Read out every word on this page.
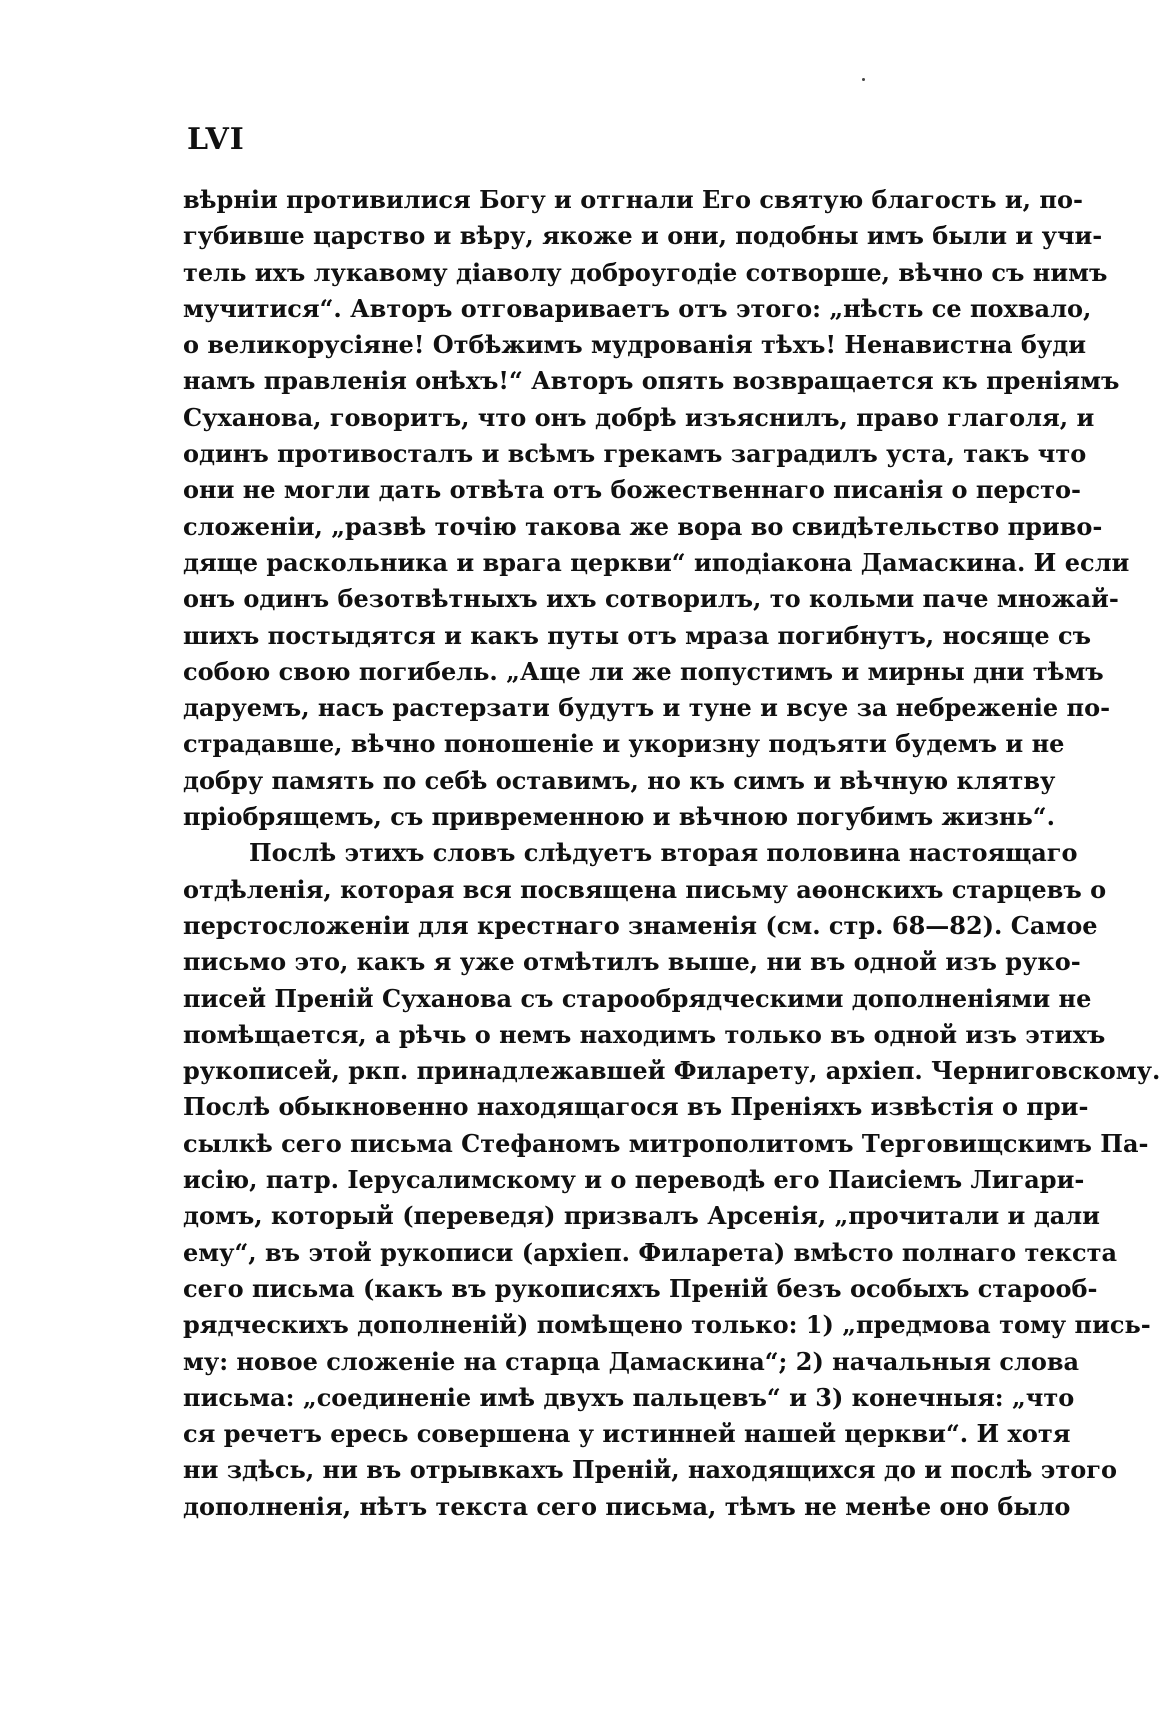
LVI
вѣрніи противилися Богу и отгнали Его святую благость и, по-
губивше царство и вѣру, якоже и они, подобны имъ были и учи-
тель ихъ лукавому діаволу доброугодіе сотворше, вѣчно съ нимъ
мучитися“. Авторъ отговариваетъ отъ этого: „нѣсть се похвало,
о великорусіяне! Отбѣжимъ мудрованія тѣхъ! Ненавистна буди
намъ правленія онѣхъ!“ Авторъ опять возвращается къ преніямъ
Суханова, говоритъ, что онъ добрѣ изъяснилъ, право глаголя, и
одинъ противосталъ и всѣмъ грекамъ заградилъ уста, такъ что
они не могли дать отвѣта отъ божественнаго писанія о персто-
сложеніи, „развѣ точію такова же вора во свидѣтельство приво-
дяще раскольника и врага церкви“ иподіакона Дамаскина. И если
онъ одинъ безотвѣтныхъ ихъ сотворилъ, то кольми паче множай-
шихъ постыдятся и какъ путы отъ мраза погибнутъ, носяще съ
собою свою погибель. „Аще ли же попустимъ и мирны дни тѣмъ
даруемъ, насъ растерзати будутъ и туне и всуе за небреженіе по-
страдавше, вѣчно поношеніе и укоризну подъяти будемъ и не
добру память по себѣ оставимъ, но къ симъ и вѣчную клятву
пріобрящемъ, съ привременною и вѣчною погубимъ жизнь“.
Послѣ этихъ словъ слѣдуетъ вторая половина настоящаго
отдѣленія, которая вся посвящена письму аѳонскихъ старцевъ о
перстосложеніи для крестнаго знаменія (см. стр. 68—82). Самое
письмо это, какъ я уже отмѣтилъ выше, ни въ одной изъ руко-
писей Преній Суханова съ старообрядческими дополненіями не
помѣщается, а рѣчь о немъ находимъ только въ одной изъ этихъ
рукописей, ркп. принадлежавшей Филарету, архіеп. Черниговскому.
Послѣ обыкновенно находящагося въ Преніяхъ извѣстія о при-
сылкѣ сего письма Стефаномъ митрополитомъ Терговищскимъ Па-
исію, патр. Іерусалимскому и о переводѣ его Паисіемъ Лигари-
домъ, который (переведя) призвалъ Арсенія, „прочитали и дали
ему“, въ этой рукописи (архіеп. Филарета) вмѣсто полнаго текста
сего письма (какъ въ рукописяхъ Преній безъ особыхъ старооб-
рядческихъ дополненій) помѣщено только: 1) „предмова тому пись-
му: новое сложеніе на старца Дамаскина“; 2) начальныя слова
письма: „соединеніе имѣ двухъ пальцевъ“ и 3) конечныя: „что
ся речетъ ересь совершена у истинней нашей церкви“. И хотя
ни здѣсь, ни въ отрывкахъ Преній, находящихся до и послѣ этого
дополненія, нѣтъ текста сего письма, тѣмъ не менѣе оно было
